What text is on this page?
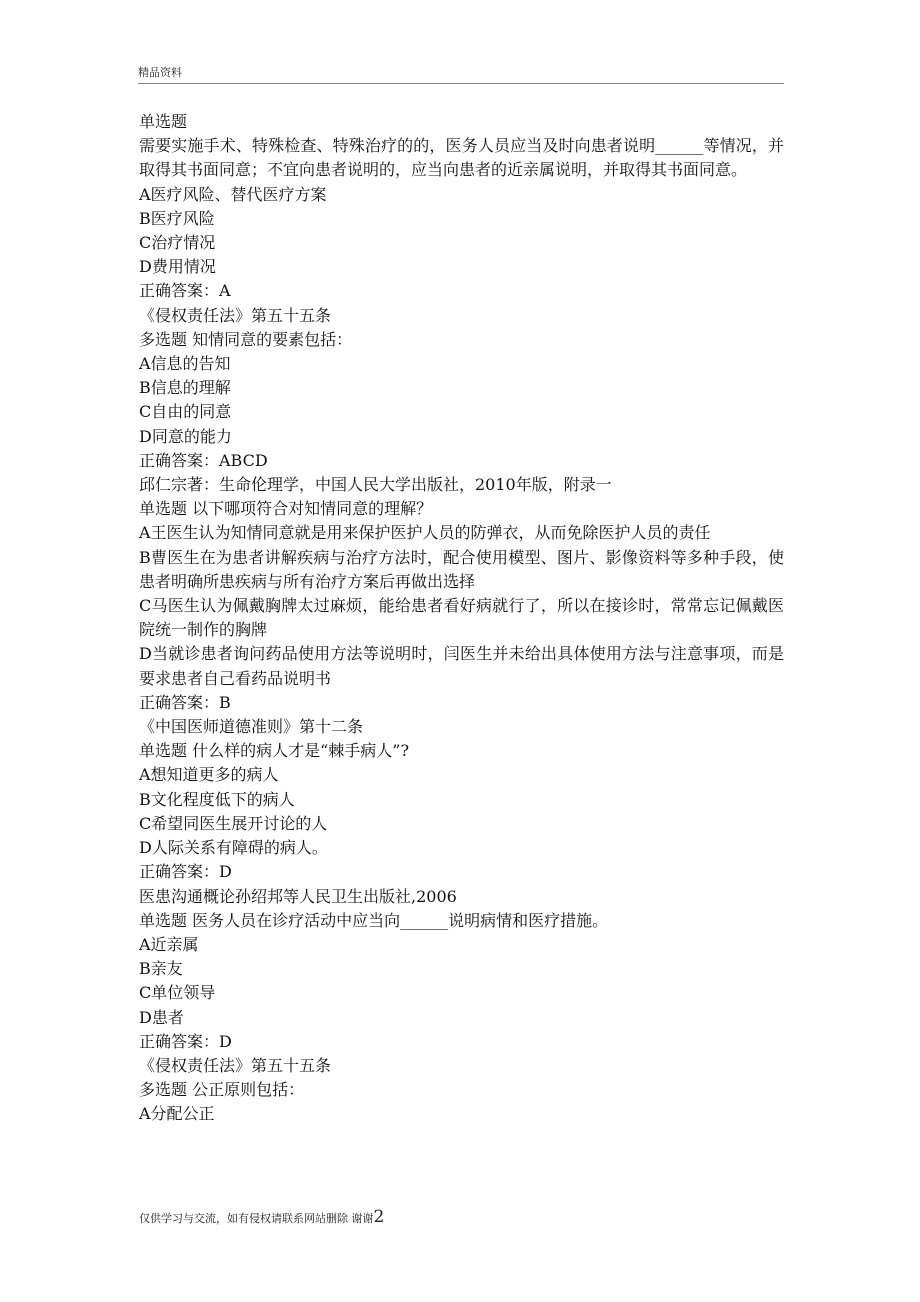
精品资料

单选题

需要实施手术、特殊检查、特殊治疗的的，医务人员应当及时向患者说明______等情况，并取得其书面同意；不宜向患者说明的，应当向患者的近亲属说明，并取得其书面同意。

A医疗风险、替代医疗方案

B医疗风险

C治疗情况

D费用情况

正确答案：A

《侵权责任法》第五十五条

多选题 知情同意的要素包括：

A信息的告知

B信息的理解

C自由的同意

D同意的能力

正确答案：ABCD

邱仁宗著：生命伦理学，中国人民大学出版社，2010年版，附录一

单选题 以下哪项符合对知情同意的理解？

A王医生认为知情同意就是用来保护医护人员的防弹衣，从而免除医护人员的责任

B曹医生在为患者讲解疾病与治疗方法时，配合使用模型、图片、影像资料等多种手段，使患者明确所患疾病与所有治疗方案后再做出选择

C马医生认为佩戴胸牌太过麻烦，能给患者看好病就行了，所以在接诊时，常常忘记佩戴医院统一制作的胸牌

D当就诊患者询问药品使用方法等说明时，闫医生并未给出具体使用方法与注意事项，而是要求患者自己看药品说明书

正确答案：B

《中国医师道德准则》第十二条

单选题 什么样的病人才是“棘手病人”?

A想知道更多的病人

B文化程度低下的病人

C希望同医生展开讨论的人

D人际关系有障碍的病人。

正确答案：D

医患沟通概论孙绍邦等人民卫生出版社,2006

单选题 医务人员在诊疗活动中应当向______说明病情和医疗措施。

A近亲属

B亲友

C单位领导

D患者

正确答案：D

《侵权责任法》第五十五条

多选题 公正原则包括：

A分配公正

仅供学习与交流，如有侵权请联系网站删除 谢谢2
